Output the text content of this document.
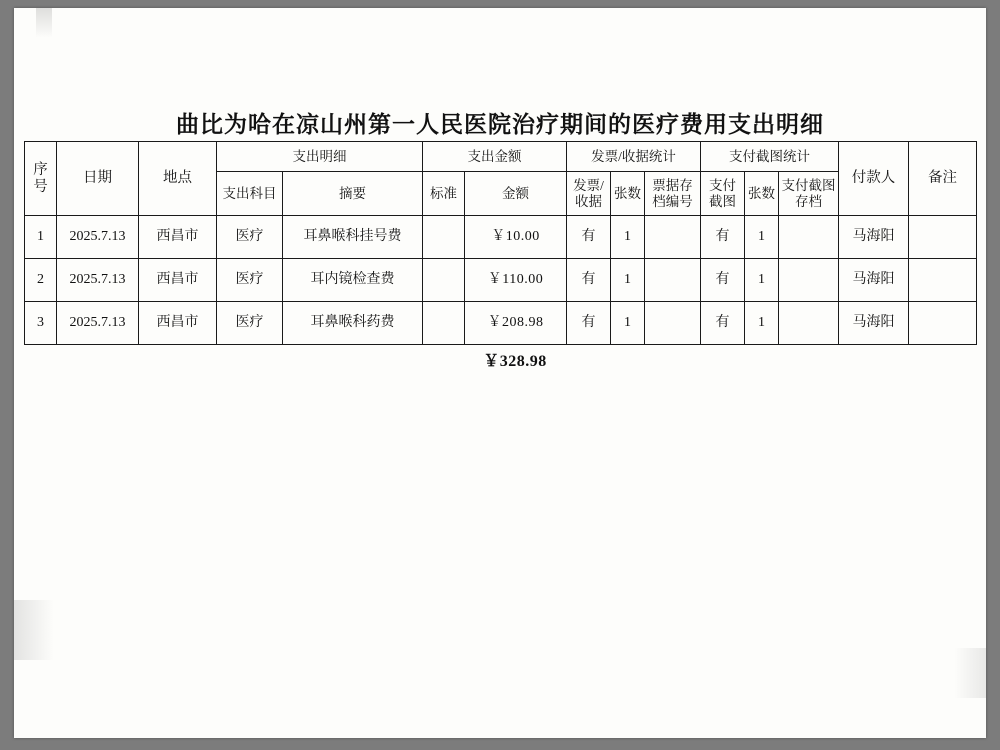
曲比为哈在凉山州第一人民医院治疗期间的医疗费用支出明细
序号	日期	地点	支出明细		支出金额		发票/收据统计			支付截图统计			付款人	备注
			支出科目	摘要	标准	金额	发票/收据	张数	票据存档编号	支付截图	张数	支付截图存档		
1	2025.7.13	西昌市	医疗	耳鼻喉科挂号费		￥10.00	有	1		有	1		马海阳	
2	2025.7.13	西昌市	医疗	耳内镜检查费		￥110.00	有	1		有	1		马海阳	
3	2025.7.13	西昌市	医疗	耳鼻喉科药费		￥208.98	有	1		有	1		马海阳	
￥328.98
